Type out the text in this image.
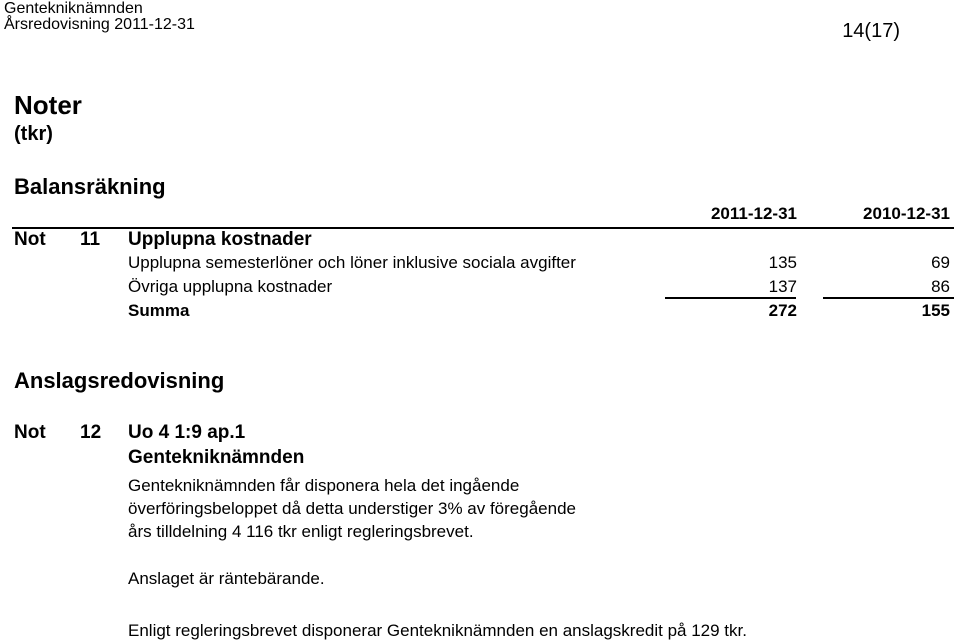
Gentekniknämnden
Årsredovisning 2011-12-31	14(17)
Noter
(tkr)
Balansräkning
2011-12-31	2010-12-31
Not 11 Upplupna kostnader
Upplupna semesterlöner och löner inklusive sociala avgifter	135	69
Övriga upplupna kostnader	137	86
Summa	272	155
Anslagsredovisning
Not 12 Uo 4 1:9 ap.1
Gentekniknämnden
Gentekniknämnden får disponera hela det ingående
överföringsbeloppet då detta understiger 3% av föregående
års tilldelning 4 116 tkr enligt regleringsbrevet.
Anslaget är räntebärande.
Enligt regleringsbrevet disponerar Gentekniknämnden en anslagskredit på 129 tkr.
